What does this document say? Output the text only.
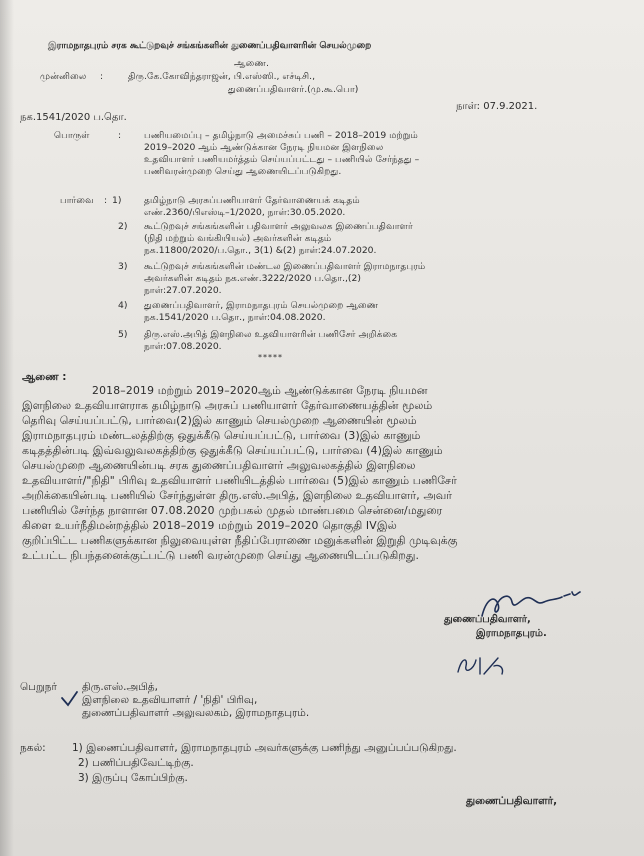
இராமநாதபுரம் சரக கூட்டுறவுச் சங்கங்களின் துணைப்பதிவாளரின் செயல்முறை
ஆணை.
முன்னிலை :	திரு.கே.கோவிந்தராஜன், பி.எஸ்ஸி., எச்டிசி.,
துணைப்பதிவாளர்.(மு.கூ.பொ)
நக.1541/2020 ப.தொ.
நாள்: 07.9.2021.
பொருள்	: பணியமைப்பு – தமிழ்நாடு அமைச்சுப் பணி – 2018–2019 மற்றும்
2019–2020 ஆம் ஆண்டுக்கான நேரடி நியமன இளநிலை
உதவியாளர் பணியமர்த்தம் செய்யப்பட்டது – பணியில் சேர்ந்தது –
பணிவரன்முறை செய்து ஆணையிடப்படுகிறது.
பார்வை : 1) தமிழ்நாடு அரசுப்பணியாளர் தேர்வாணையக் கடிதம்
எண்.2360/பிஎஸ்டி–1/2020, நாள்:30.05.2020.
2) கூட்டுறவுச் சங்கங்களின் பதிவாளர் அலுவலக இணைப்பதிவாளர்
(நிதி மற்றும் வங்கியியல்) அவர்களின் கடிதம்
நக.11800/2020/ப.தொ., 3(1) &(2) நாள்:24.07.2020.
3) கூட்டுறவுச் சங்கங்களின் மண்டல இணைப்பதிவாளர் இராமநாதபுரம்
அவர்களின் கடிதம் நக.எண்.3222/2020 ப.தொ.,(2)
நாள்:27.07.2020.
4) துணைப்பதிவாளர், இராமநாதபுரம் செயல்முறை ஆணை
நக.1541/2020 ப.தொ., நாள்:04.08.2020.
5) திரு.எஸ்.அபித் இளநிலை உதவியாளரின் பணிசேர் அறிக்கை
நாள்:07.08.2020.
*****
ஆணை :
2018–2019 மற்றும் 2019–2020ஆம் ஆண்டுக்கான நேரடி நியமன
இளநிலை உதவியாளராக தமிழ்நாடு அரசுப் பணியாளர் தேர்வாணையத்தின் மூலம்
தெரிவு செய்யப்பட்டு, பார்வை(2)இல் காணும் செயல்முறை ஆணையின் மூலம்
இராமநாதபுரம் மண்டலத்திற்கு ஒதுக்கீடு செய்யப்பட்டு, பார்வை (3)இல் காணும்
கடிதத்தின்படி இவ்வலுவலகத்திற்கு ஒதுக்கீடு செய்யப்பட்டு, பார்வை (4)இல் காணும்
செயல்முறை ஆணையின்படி சரக துணைப்பதிவாளர் அலுவலகத்தில் இளநிலை
உதவியாளர்/"நிதி" பிரிவு உதவியாளர் பணியிடத்தில் பார்வை (5)இல் காணும் பணிசேர்
அறிக்கையின்படி பணியில் சேர்ந்துள்ள திரு.எஸ்.அபித், இளநிலை உதவியாளர், அவர்
பணியில் சேர்ந்த நாளான 07.08.2020 முற்பகல் முதல் மாண்பமை சென்னை/மதுரை
கிளை உயர்நீதிமன்றத்தில் 2018–2019 மற்றும் 2019–2020 தொகுதி IVஇல்
குறிப்பிட்ட பணிகளுக்கான நிலுவையுள்ள நீதிப்பேராணை மனுக்களின் இறுதி முடிவுக்கு
உட்பட்ட நிபந்தனைக்குட்பட்டு பணி வரன்முறை செய்து ஆணையிடப்படுகிறது.
துணைப்பதிவாளர்,
இராமநாதபுரம்.
பெறுநர் திரு.எஸ்.அபித்,
இளநிலை உதவியாளர் / 'நிதி' பிரிவு,
துணைப்பதிவாளர் அலுவலகம், இராமநாதபுரம்.
நகல்:	1) இணைப்பதிவாளர், இராமநாதபுரம் அவர்களுக்கு பணிந்து அனுப்பப்படுகிறது.
2) பணிப்பதிவேட்டிற்கு.
3) இருப்பு கோப்பிற்கு.
துணைப்பதிவாளர்,
